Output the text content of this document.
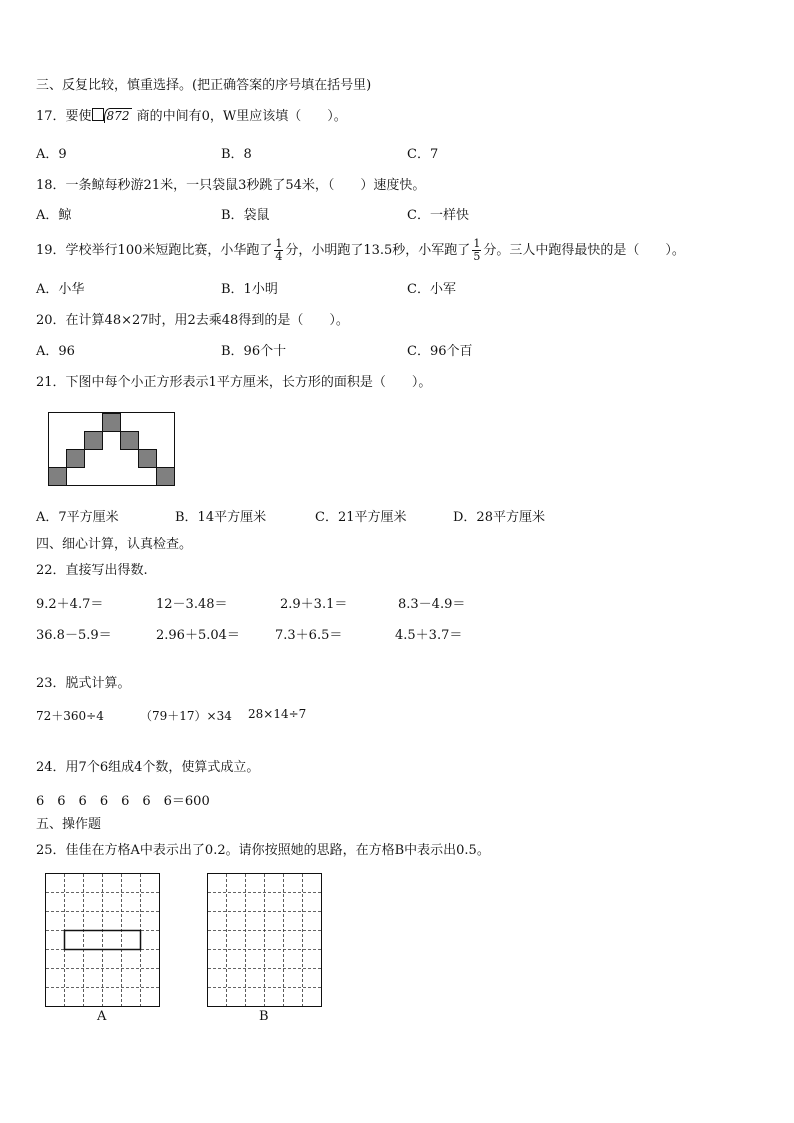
三、反复比较，慎重选择。(把正确答案的序号填在括号里)
17．要使 872 商的中间有0，W里应该填（　　）。
A．9	B．8	C．7
18．一条鲸每秒游21米，一只袋鼠3秒跳了54米，（　　）速度快。
A．鲸	B．袋鼠	C．一样快
19．学校举行100米短跑比赛，小华跑了 $\frac{1}{4}$ 分，小明跑了13.5秒，小军跑了 $\frac{1}{5}$ 分。三人中跑得最快的是（　　）。
A．小华	B．1小明	C．小军
20．在计算48×27时，用2去乘48得到的是（　　）。
A．96	B．96个十	C．96个百
21．下图中每个小正方形表示1平方厘米，长方形的面积是（　　）。
A．7平方厘米	B．14平方厘米	C．21平方厘米	D．28平方厘米
四、细心计算，认真检查。
22．直接写出得数.
9.2＋4.7＝	12－3.48＝	2.9＋3.1＝	8.3－4.9＝
36.8－5.9＝	2.96＋5.04＝	7.3＋6.5＝	4.5＋3.7＝
23．脱式计算。
72＋360÷4	（79＋17）×34 28×14÷7
24．用7个6组成4个数，使算式成立。
6　6　6　6　6　6　6＝600
五、操作题
25．佳佳在方格A中表示出了0.2。请你按照她的思路，在方格B中表示出0.5。
A	B
